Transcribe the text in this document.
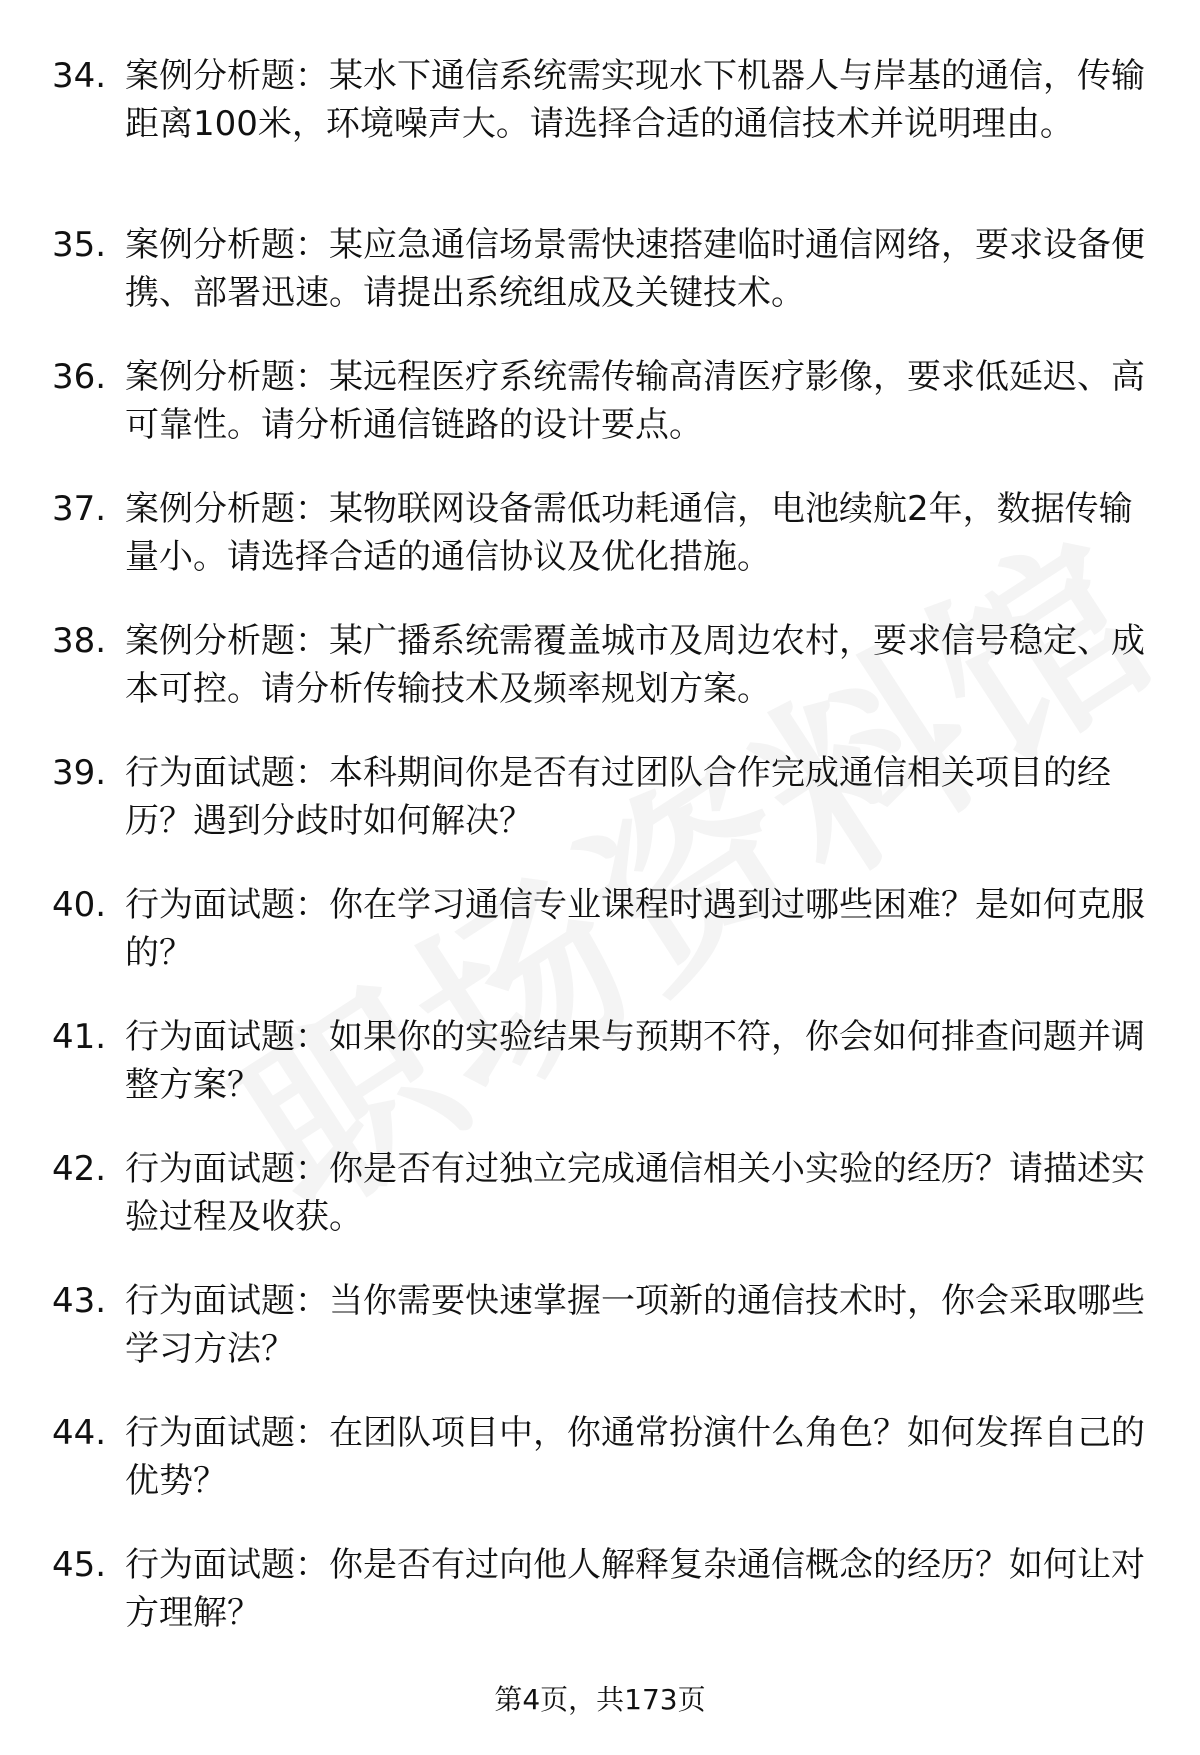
34. 案例分析题：某水下通信系统需实现水下机器人与岸基的通信，传输距离100米，环境噪声大。请选择合适的通信技术并说明理由。
35. 案例分析题：某应急通信场景需快速搭建临时通信网络，要求设备便携、部署迅速。请提出系统组成及关键技术。
36. 案例分析题：某远程医疗系统需传输高清医疗影像，要求低延迟、高可靠性。请分析通信链路的设计要点。
37. 案例分析题：某物联网设备需低功耗通信，电池续航2年，数据传输量小。请选择合适的通信协议及优化措施。
38. 案例分析题：某广播系统需覆盖城市及周边农村，要求信号稳定、成本可控。请分析传输技术及频率规划方案。
39. 行为面试题：本科期间你是否有过团队合作完成通信相关项目的经历？遇到分歧时如何解决？
40. 行为面试题：你在学习通信专业课程时遇到过哪些困难？是如何克服的？
41. 行为面试题：如果你的实验结果与预期不符，你会如何排查问题并调整方案？
42. 行为面试题：你是否有过独立完成通信相关小实验的经历？请描述实验过程及收获。
43. 行为面试题：当你需要快速掌握一项新的通信技术时，你会采取哪些学习方法？
44. 行为面试题：在团队项目中，你通常扮演什么角色？如何发挥自己的优势？
45. 行为面试题：你是否有过向他人解释复杂通信概念的经历？如何让对方理解？
第4页，共173页
